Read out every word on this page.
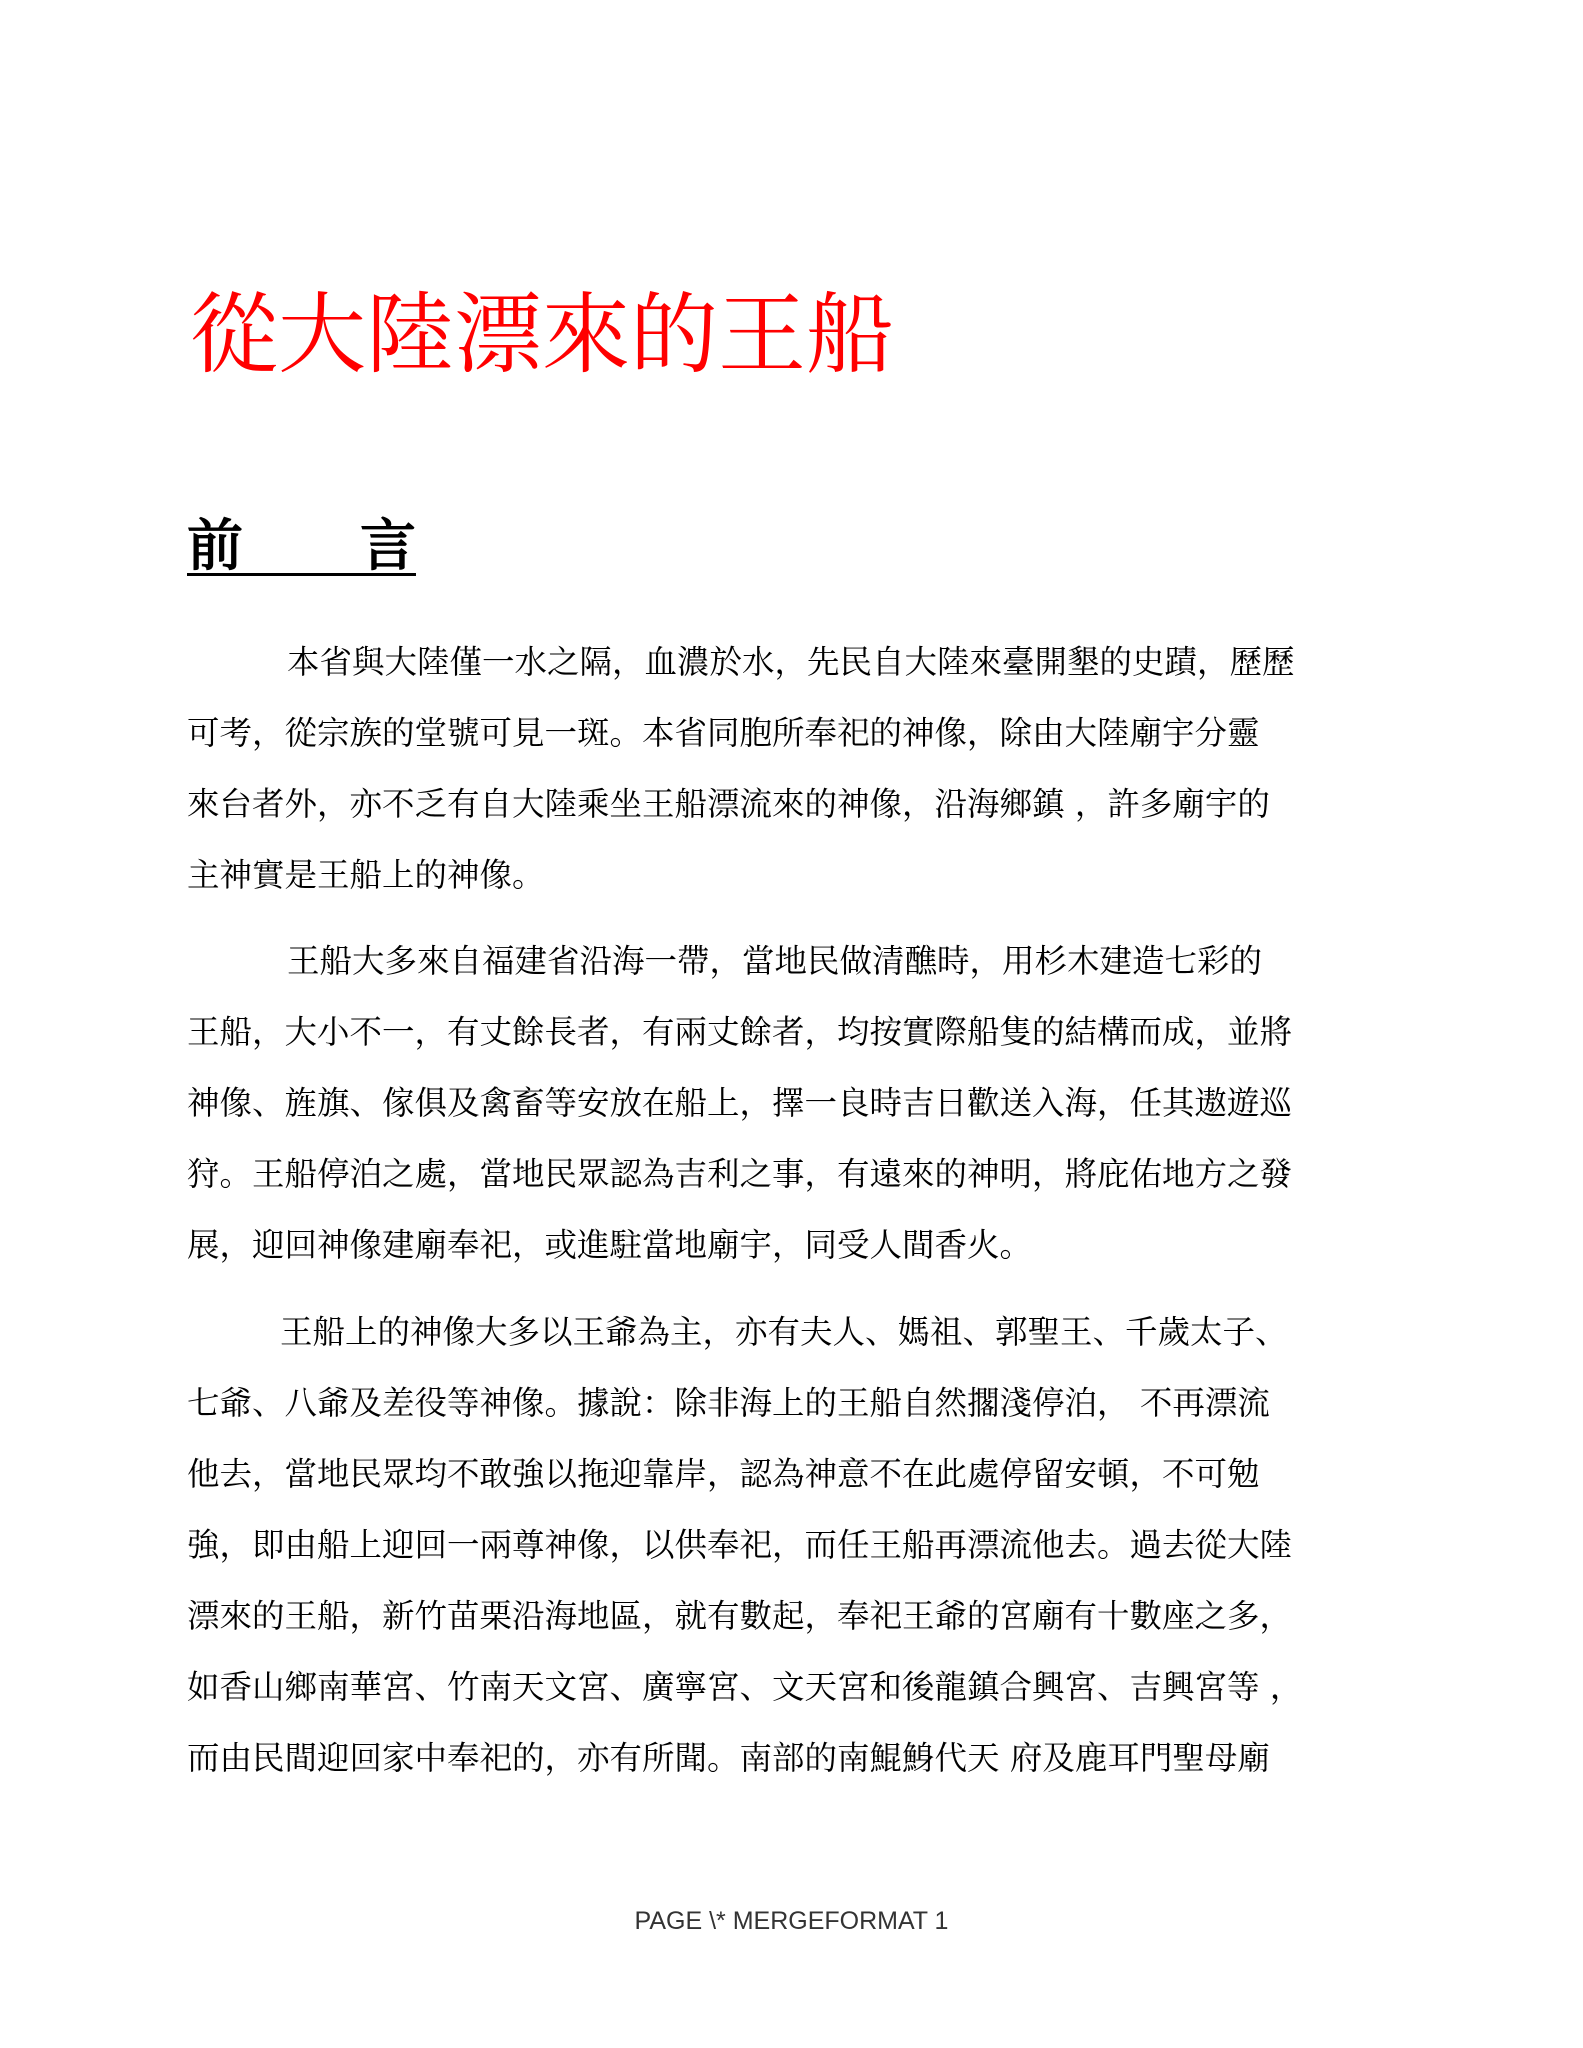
從大陸漂來的王船
前      言

本省與大陸僅一水之隔，血濃於水，先民自大陸來臺開墾的史蹟，歷歷

可考，從宗族的堂號可見一斑。本省同胞所奉祀的神像，除由大陸廟宇分靈

來台者外，亦不乏有自大陸乘坐王船漂流來的神像，沿海鄉鎮 ，許多廟宇的

主神實是王船上的神像。

王船大多來自福建省沿海一帶，當地民做清醮時，用杉木建造七彩的

王船，大小不一，有丈餘長者，有兩丈餘者，均按實際船隻的結構而成，並將

神像、旌旗、傢俱及禽畜等安放在船上，擇一良時吉日歡送入海，任其遨遊巡

狩。王船停泊之處，當地民眾認為吉利之事，有遠來的神明，將庇佑地方之發

展，迎回神像建廟奉祀，或進駐當地廟宇，同受人間香火。

王船上的神像大多以王爺為主，亦有夫人、媽祖、郭聖王、千歲太子、

七爺、八爺及差役等神像。據說：除非海上的王船自然擱淺停泊， 不再漂流

他去，當地民眾均不敢強以拖迎靠岸，認為神意不在此處停留安頓，不可勉

強，即由船上迎回一兩尊神像，以供奉祀，而任王船再漂流他去。過去從大陸

漂來的王船，新竹苗栗沿海地區，就有數起，奉祀王爺的宮廟有十數座之多，

如香山鄉南華宮、竹南天文宮、廣寧宮、文天宮和後龍鎮合興宮、吉興宮等 ，

而由民間迎回家中奉祀的，亦有所聞。南部的南鯤鯓代天 府及鹿耳門聖母廟

PAGE \* MERGEFORMAT 1
